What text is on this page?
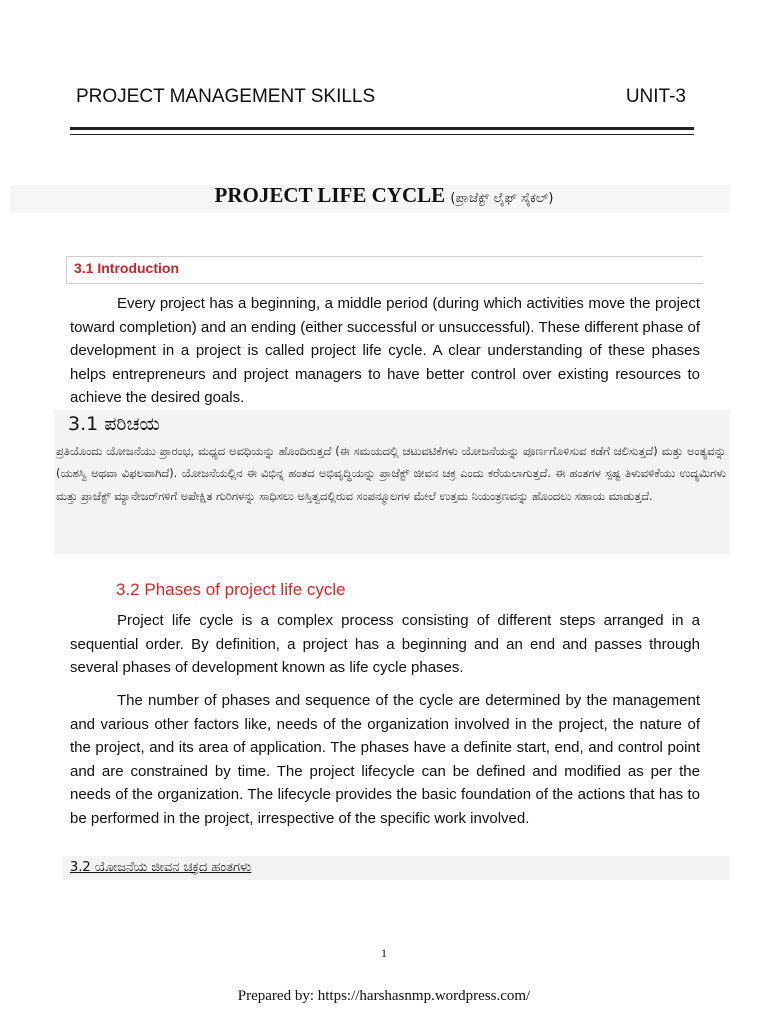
PROJECT MANAGEMENT SKILLS	UNIT-3
PROJECT LIFE CYCLE (ಪ್ರಾಜೆಕ್ಟ್ ಲೈಫ್ ಸೈಕಲ್)
3.1 Introduction
Every project has a beginning, a middle period (during which activities move the project toward completion) and an ending (either successful or unsuccessful). These different phase of development in a project is called project life cycle. A clear understanding of these phases helps entrepreneurs and project managers to have better control over existing resources to achieve the desired goals.
3.1 ಪರಿಚಯ
ಪ್ರತಿಯೊಂದು ಯೋಜನೆಯು ಪ್ರಾರಂಭ, ಮಧ್ಯದ ಅವಧಿಯನ್ನು ಹೊಂದಿರುತ್ತದೆ (ಈ ಸಮಯದಲ್ಲಿ ಚಟುವಟಿಕೆಗಳು ಯೋಜನೆಯನ್ನು ಪೂರ್ಣಗೊಳಿಸುವ ಕಡೆಗೆ ಚಲಿಸುತ್ತದೆ) ಮತ್ತು ಅಂತ್ಯವನ್ನು (ಯಶಸ್ವಿ ಅಥವಾ ವಿಫಲವಾಗಿದೆ). ಯೋಜನೆಯಲ್ಲಿನ ಈ ವಿಭಿನ್ನ ಹಂತದ ಅಭಿವೃದ್ಧಿಯನ್ನು ಪ್ರಾಜೆಕ್ಟ್ ಜೀವನ ಚಕ್ರ ಎಂದು ಕರೆಯಲಾಗುತ್ತದೆ. ಈ ಹಂತಗಳ ಸ್ಪಷ್ಟ ತಿಳುವಳಿಕೆಯು ಉದ್ಯಮಿಗಳು ಮತ್ತು ಪ್ರಾಜೆಕ್ಟ್ ಮ್ಯಾನೇಜರ್‌ಗಳಿಗೆ ಅಪೇಕ್ಷಿತ ಗುರಿಗಳನ್ನು ಸಾಧಿಸಲು ಅಸ್ತಿತ್ವದಲ್ಲಿರುವ ಸಂಪನ್ಮೂಲಗಳ ಮೇಲೆ ಉತ್ತಮ ನಿಯಂತ್ರಣವನ್ನು ಹೊಂದಲು ಸಹಾಯ ಮಾಡುತ್ತದೆ.
3.2 Phases of project life cycle
Project life cycle is a complex process consisting of different steps arranged in a sequential order. By definition, a project has a beginning and an end and passes through several phases of development known as life cycle phases.
The number of phases and sequence of the cycle are determined by the management and various other factors like, needs of the organization involved in the project, the nature of the project, and its area of application. The phases have a definite start, end, and control point and are constrained by time. The project lifecycle can be defined and modified as per the needs of the organization. The lifecycle provides the basic foundation of the actions that has to be performed in the project, irrespective of the specific work involved.
3.2 ಯೋಜನೆಯ ಜೀವನ ಚಕ್ರದ ಹಂತಗಳು
1
Prepared by: https://harshasnmp.wordpress.com/
